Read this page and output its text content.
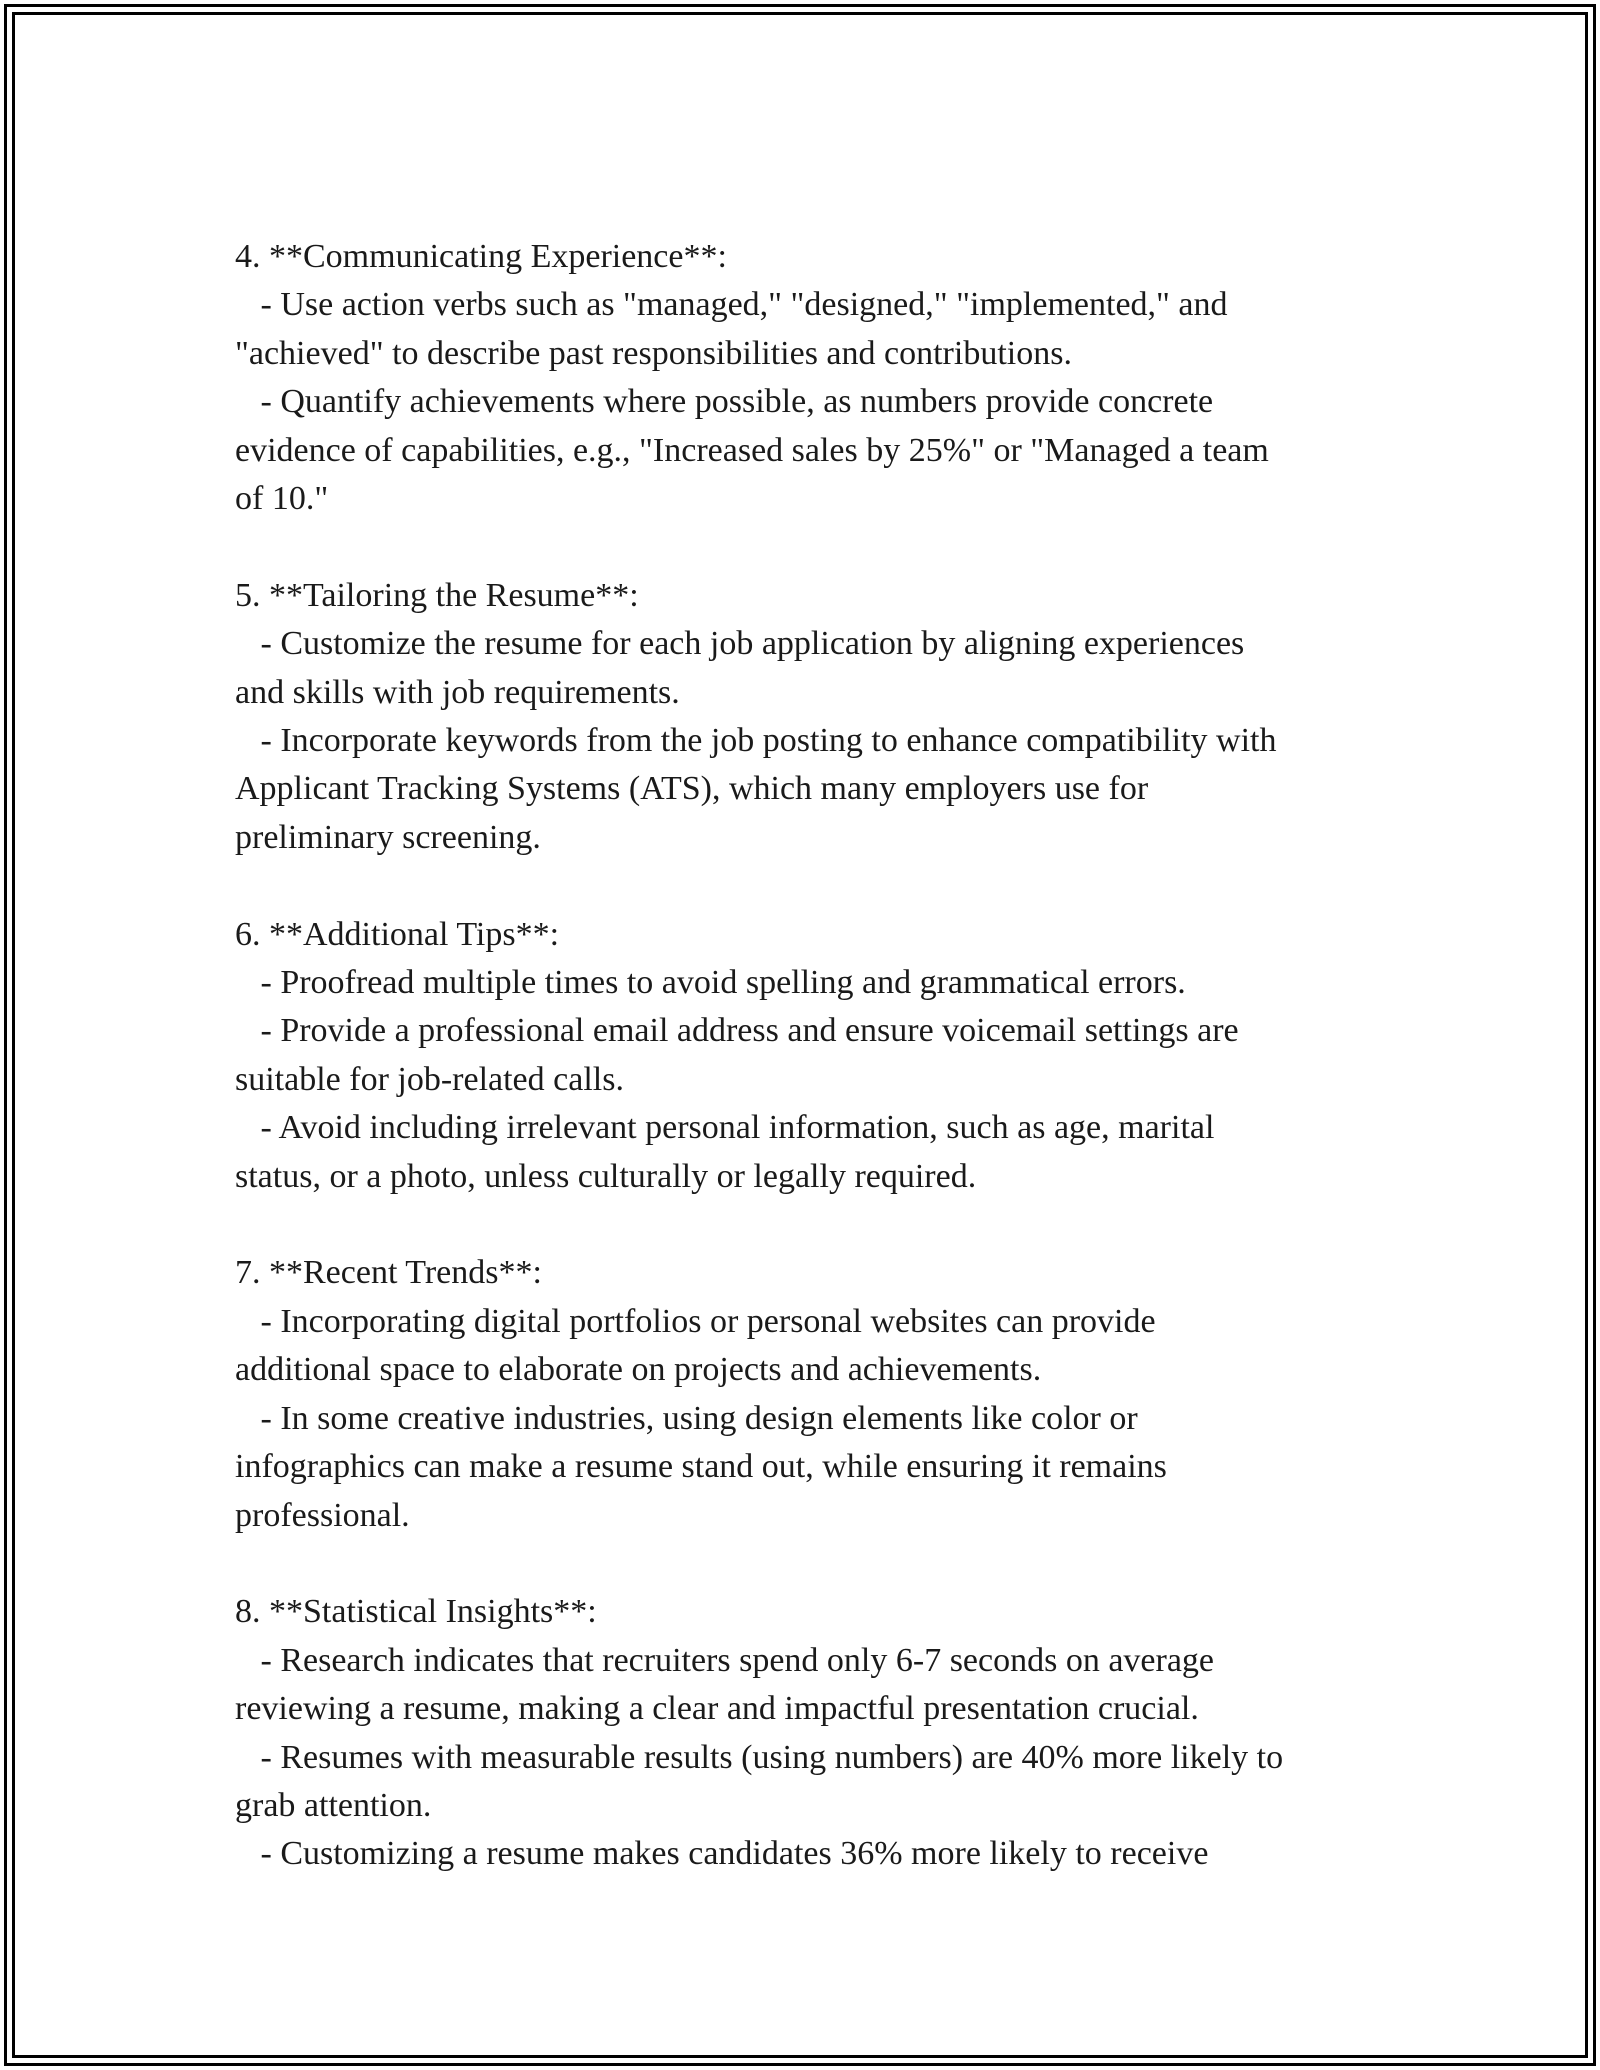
4. **Communicating Experience**:
- Use action verbs such as "managed," "designed," "implemented," and
"achieved" to describe past responsibilities and contributions.
- Quantify achievements where possible, as numbers provide concrete
evidence of capabilities, e.g., "Increased sales by 25%" or "Managed a team
of 10."
5. **Tailoring the Resume**:
- Customize the resume for each job application by aligning experiences
and skills with job requirements.
- Incorporate keywords from the job posting to enhance compatibility with
Applicant Tracking Systems (ATS), which many employers use for
preliminary screening.
6. **Additional Tips**:
- Proofread multiple times to avoid spelling and grammatical errors.
- Provide a professional email address and ensure voicemail settings are
suitable for job-related calls.
- Avoid including irrelevant personal information, such as age, marital
status, or a photo, unless culturally or legally required.
7. **Recent Trends**:
- Incorporating digital portfolios or personal websites can provide
additional space to elaborate on projects and achievements.
- In some creative industries, using design elements like color or
infographics can make a resume stand out, while ensuring it remains
professional.
8. **Statistical Insights**:
- Research indicates that recruiters spend only 6-7 seconds on average
reviewing a resume, making a clear and impactful presentation crucial.
- Resumes with measurable results (using numbers) are 40% more likely to
grab attention.
- Customizing a resume makes candidates 36% more likely to receive
